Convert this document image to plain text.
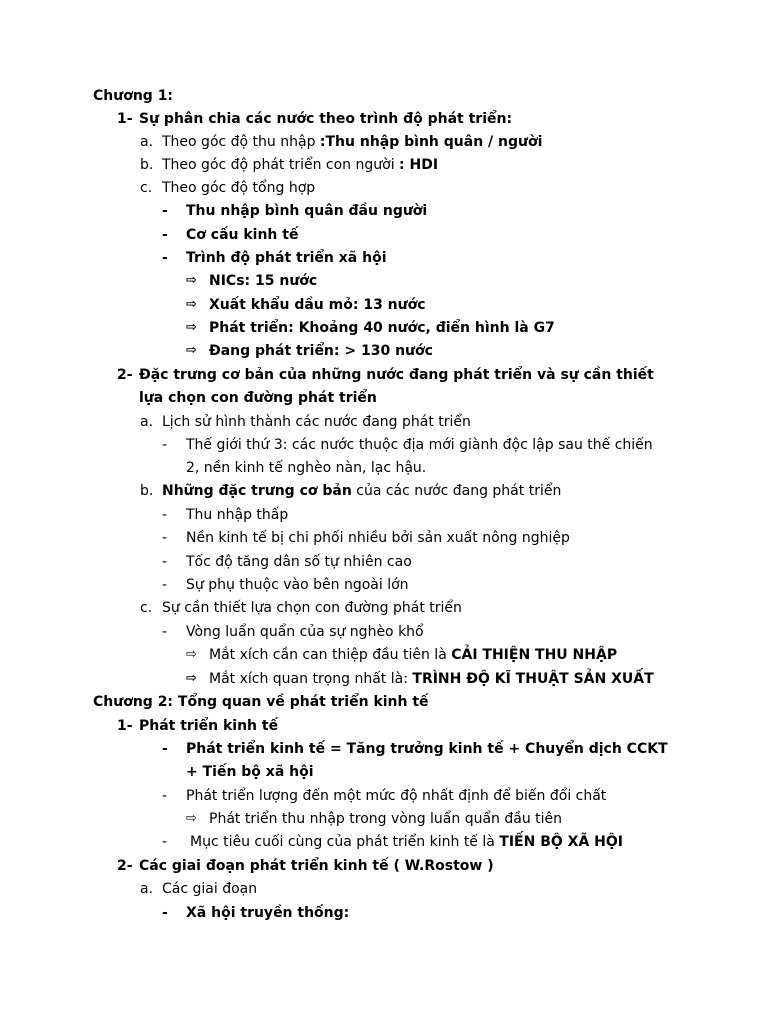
Chương 1:
1- Sự phân chia các nước theo trình độ phát triển:
a. Theo góc độ thu nhập :Thu nhập bình quân / người
b. Theo góc độ phát triển con người : HDI
c. Theo góc độ tổng hợp
- Thu nhập bình quân đầu người
- Cơ cấu kinh tế
- Trình độ phát triển xã hội
⇨ NICs: 15 nước
⇨ Xuất khẩu dầu mỏ: 13 nước
⇨ Phát triển: Khoảng 40 nước, điển hình là G7
⇨ Đang phát triển: > 130 nước
2- Đặc trưng cơ bản của những nước đang phát triển và sự cần thiết
lựa chọn con đường phát triển
a. Lịch sử hình thành các nước đang phát triển
- Thế giới thứ 3: các nước thuộc địa mới giành độc lập sau thế chiến
2, nền kinh tế nghèo nàn, lạc hậu.
b. Những đặc trưng cơ bản của các nước đang phát triển
- Thu nhập thấp
- Nền kinh tế bị chi phối nhiều bởi sản xuất nông nghiệp
- Tốc độ tăng dân số tự nhiên cao
- Sự phụ thuộc vào bên ngoài lớn
c. Sự cần thiết lựa chọn con đường phát triển
- Vòng luẩn quẩn của sự nghèo khổ
⇨ Mắt xích cần can thiệp đầu tiên là CẢI THIỆN THU NHẬP
⇨ Mắt xích quan trọng nhất là: TRÌNH ĐỘ KĨ THUẬT SẢN XUẤT
Chương 2: Tổng quan về phát triển kinh tế
1- Phát triển kinh tế
- Phát triển kinh tế = Tăng trưởng kinh tế + Chuyển dịch CCKT
+ Tiến bộ xã hội
- Phát triển lượng đến một mức độ nhất định để biến đổi chất
⇨ Phát triển thu nhập trong vòng luẩn quẩn đầu tiên
- Mục tiêu cuối cùng của phát triển kinh tế là TIẾN BỘ XÃ HỘI
2- Các giai đoạn phát triển kinh tế ( W.Rostow )
a. Các giai đoạn
- Xã hội truyền thống:
